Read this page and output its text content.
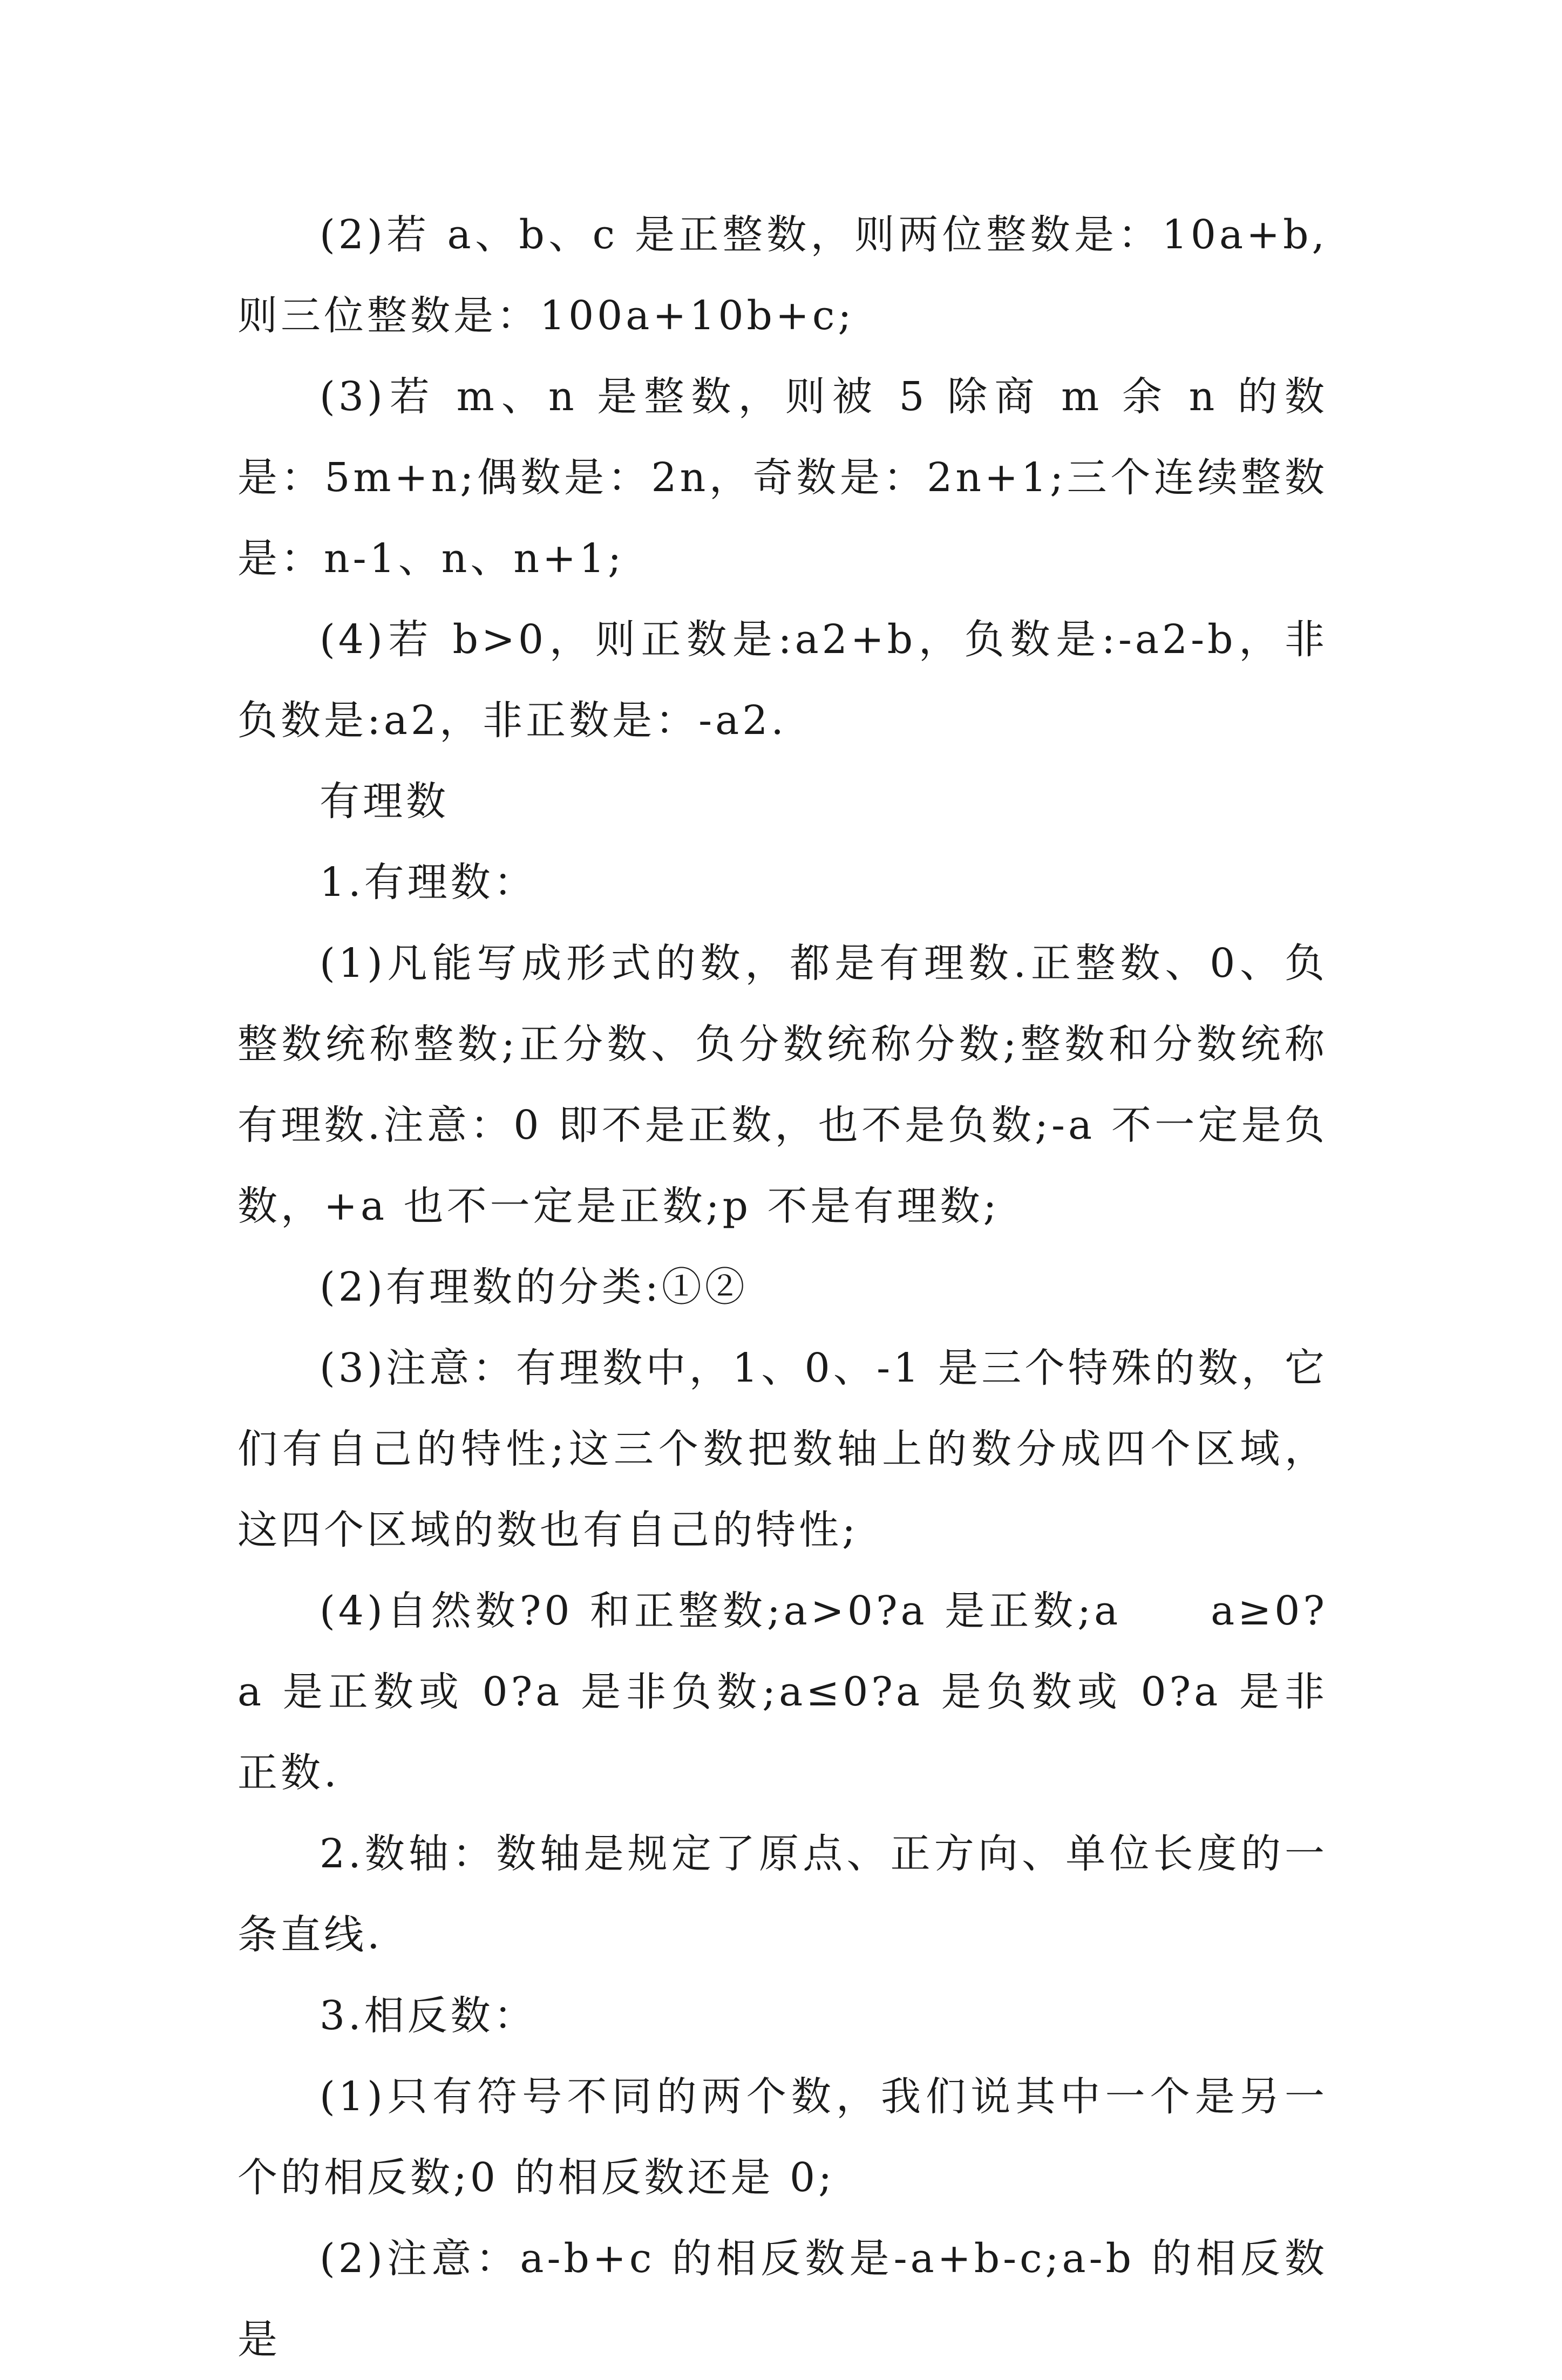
(2)若 a、b、c 是正整数，则两位整数是：10a+b,则三位整数是：100a+10b+c;

(3)若 m、n 是整数，则被 5 除商 m 余 n 的数是：5m+n;偶数是：2n，奇数是：2n+1;三个连续整数是：n-1、n、n+1;

(4)若 b>0，则正数是:a2+b，负数是:-a2-b，非负数是:a2，非正数是：-a2.

有理数

1.有理数：

(1)凡能写成形式的数，都是有理数.正整数、0、负整数统称整数;正分数、负分数统称分数;整数和分数统称有理数.注意：0 即不是正数，也不是负数;-a 不一定是负数，+a 也不一定是正数;p 不是有理数;

(2)有理数的分类:①②

(3)注意：有理数中，1、0、-1 是三个特殊的数，它们有自己的特性;这三个数把数轴上的数分成四个区域，这四个区域的数也有自己的特性;

(4)自然数?0 和正整数;a>0?a 是正数;a　　a≥0?a 是正数或 0?a 是非负数;a≤0?a 是负数或 0?a 是非正数.

2.数轴：数轴是规定了原点、正方向、单位长度的一条直线.

3.相反数：

(1)只有符号不同的两个数，我们说其中一个是另一个的相反数;0 的相反数还是 0;

(2)注意：a-b+c 的相反数是-a+b-c;a-b 的相反数是
